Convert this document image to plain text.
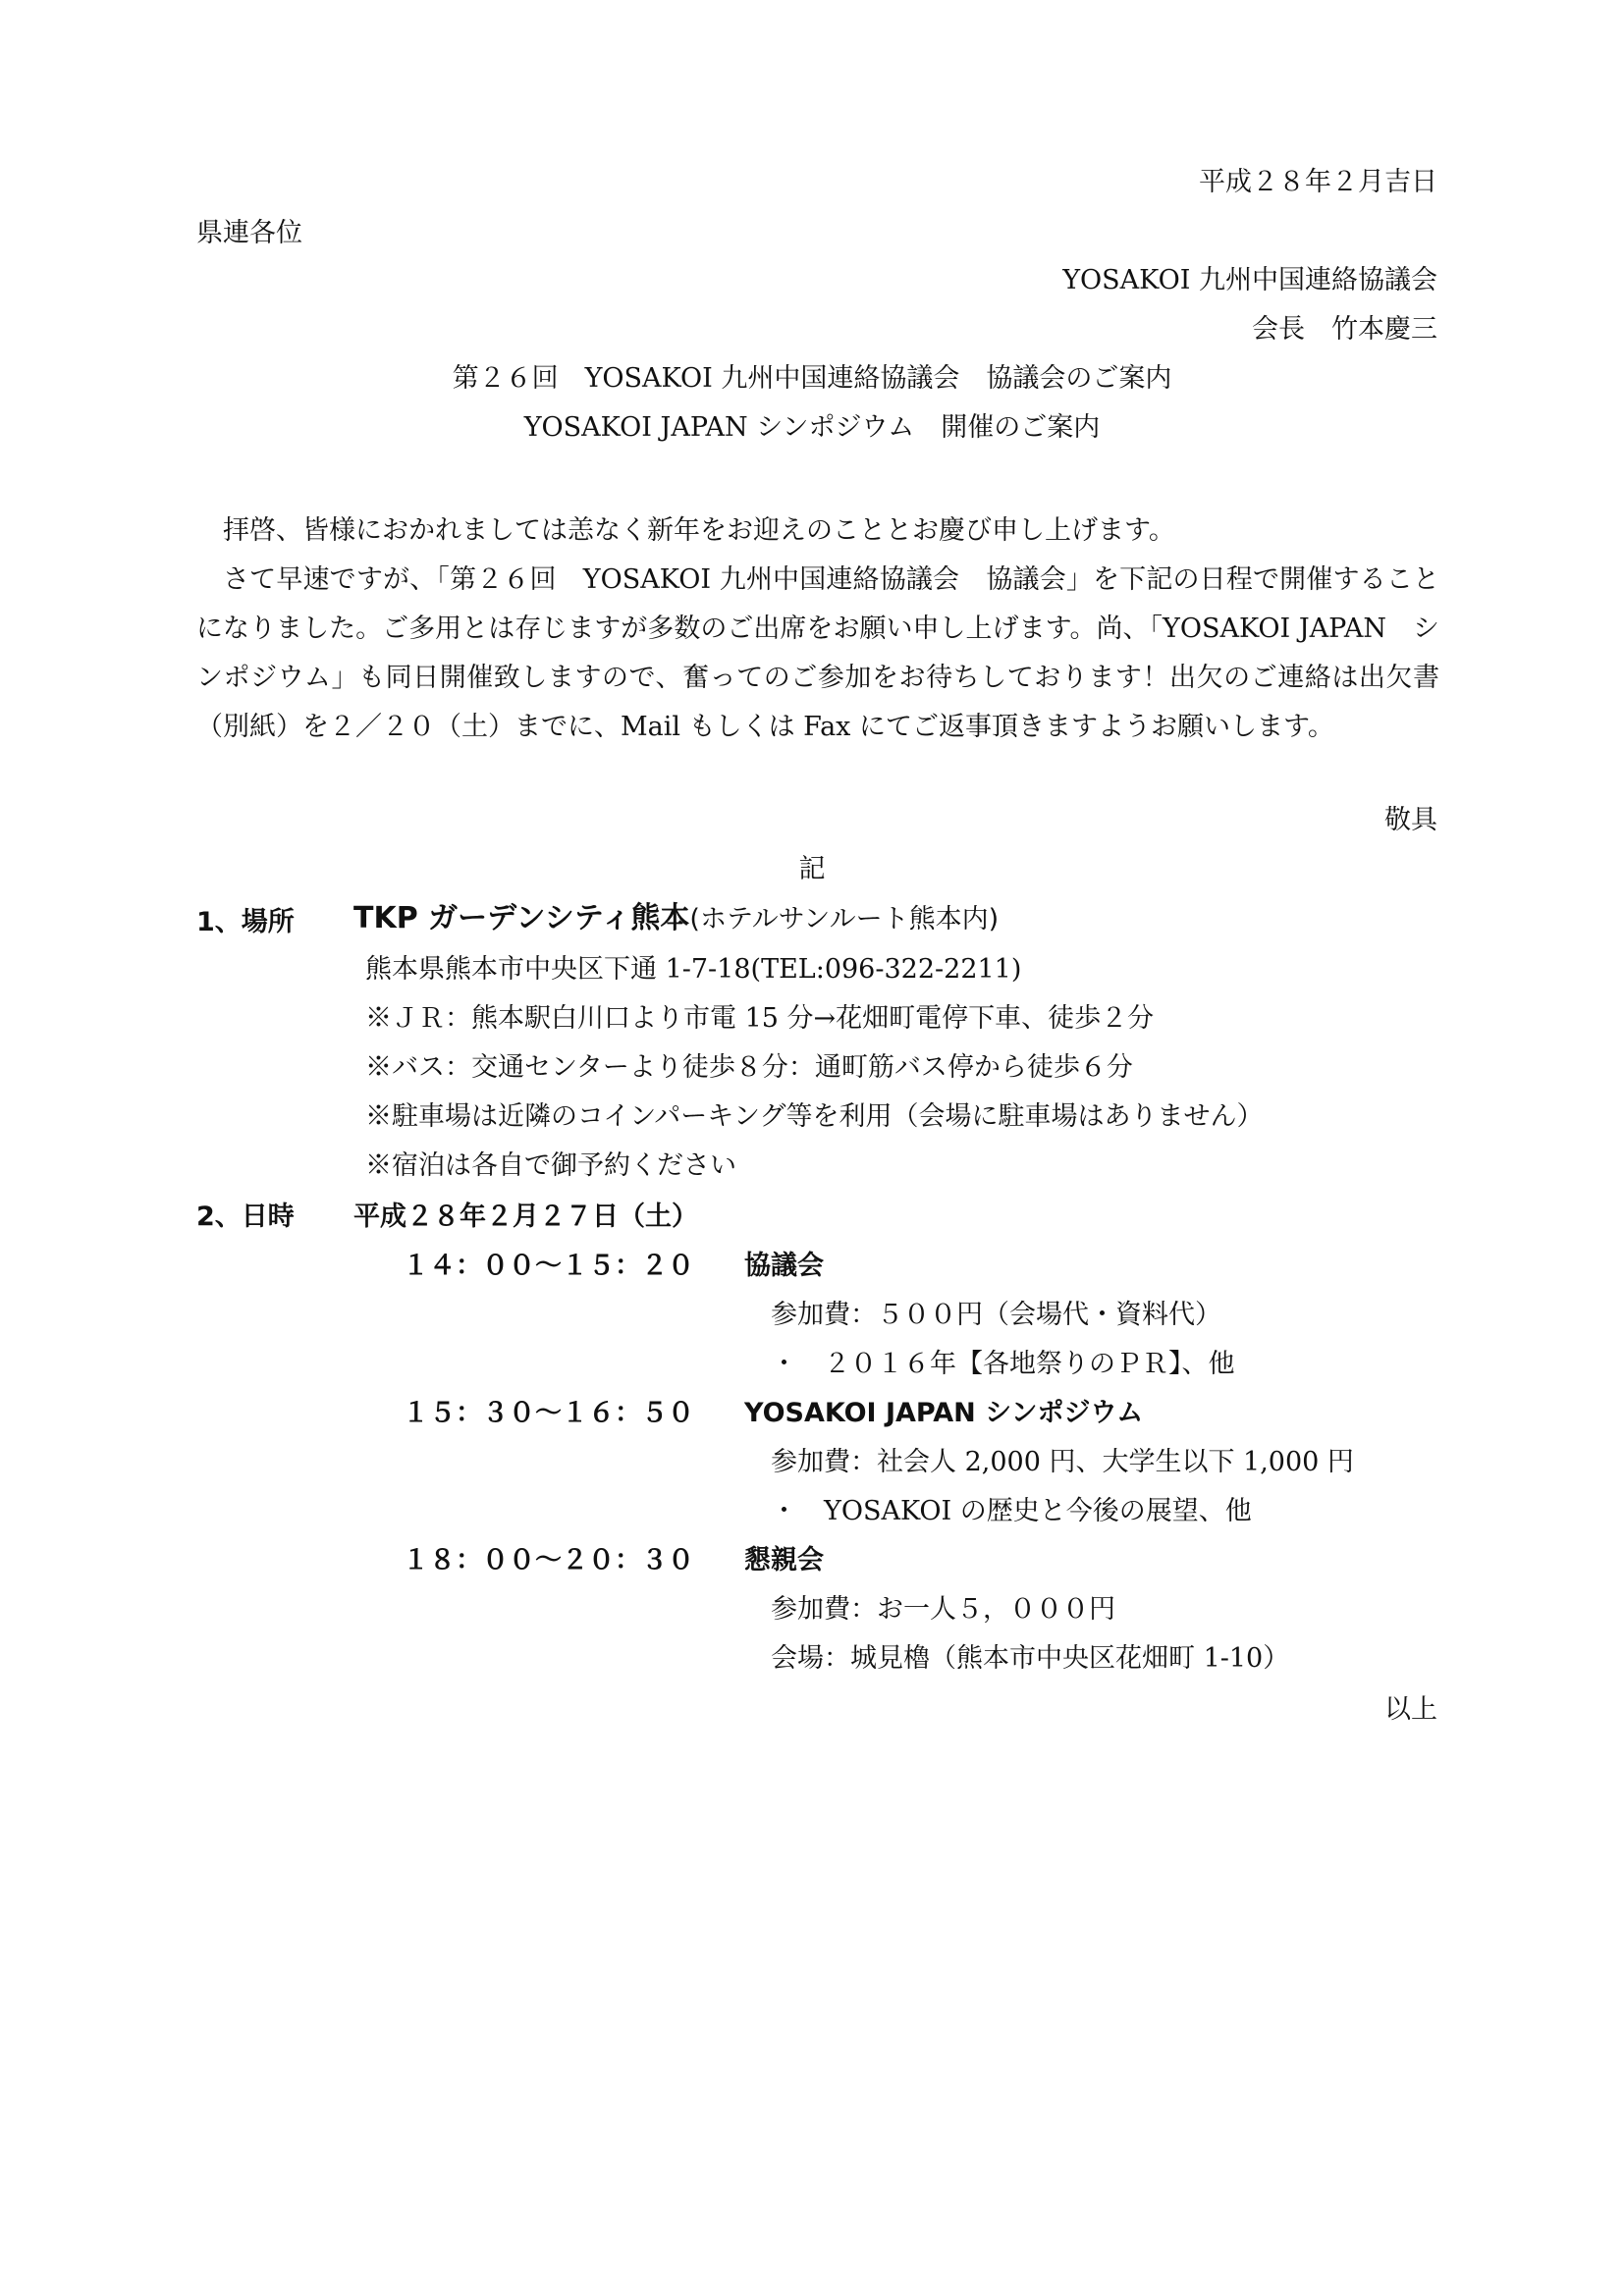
平成２８年２月吉日
県連各位
YOSAKOI 九州中国連絡協議会
会長　竹本慶三
第２６回　YOSAKOI 九州中国連絡協議会　協議会のご案内
YOSAKOI JAPAN シンポジウム　開催のご案内

拝啓、皆様におかれましては恙なく新年をお迎えのこととお慶び申し上げます。

さて早速ですが、「第２６回　YOSAKOI 九州中国連絡協議会　協議会」を下記の日程で開催することになりました。ご多用とは存じますが多数のご出席をお願い申し上げます。尚、「YOSAKOI JAPAN　シンポジウム」も同日開催致しますので、奮ってのご参加をお待ちしております！出欠のご連絡は出欠書（別紙）を２／２０（土）までに、Mail もしくは Fax にてご返事頂きますようお願いします。

敬具
記
1、場所 TKP ガーデンシティ熊本(ホテルサンルート熊本内)
熊本県熊本市中央区下通 1-7-18(TEL:096-322-2211)
※ＪＲ：熊本駅白川口より市電 15 分→花畑町電停下車、徒歩２分
※バス：交通センターより徒歩８分：通町筋バス停から徒歩６分
※駐車場は近隣のコインパーキング等を利用（会場に駐車場はありません）
※宿泊は各自で御予約ください
2、日時 平成２８年２月２７日（土）
１４：００～１５：２０ 協議会
参加費：５００円（会場代・資料代）
・　２０１６年【各地祭りのＰＲ】、他
１５：３０～１６：５０ YOSAKOI JAPAN シンポジウム
参加費：社会人 2,000 円、大学生以下 1,000 円
・　YOSAKOI の歴史と今後の展望、他
１８：００～２０：３０ 懇親会
参加費：お一人５，０００円
会場：城見櫓（熊本市中央区花畑町 1-10）
以上
